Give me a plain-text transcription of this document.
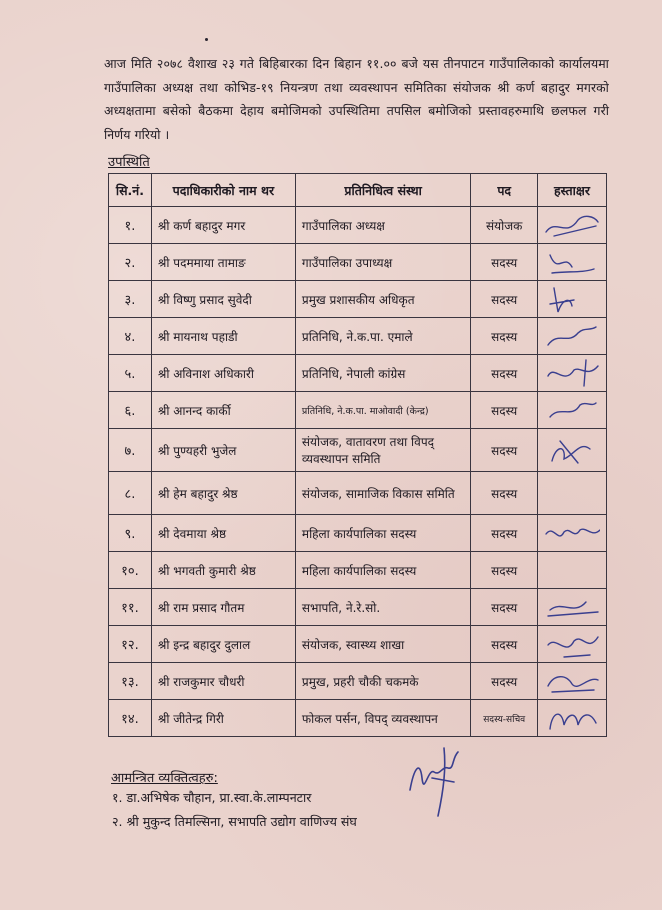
आज मिति २०७८ वैशाख २३ गते बिहिबारका दिन बिहान ११.०० बजे यस तीनपाटन गाउँपालिकाको कार्यालयमा गाउँपालिका अध्यक्ष तथा कोभिड-१९ नियन्त्रण तथा व्यवस्थापन समितिका संयोजक श्री कर्ण बहादुर मगरको अध्यक्षतामा बसेको बैठकमा देहाय बमोजिमको उपस्थितिमा तपसिल बमोजिको प्रस्तावहरुमाथि छलफल गरी निर्णय गरियो ।

उपस्थिति
सि.नं.	पदाधिकारीको नाम थर	प्रतिनिधित्व संस्था	पद	हस्ताक्षर
१.	श्री कर्ण बहादुर मगर	गाउँपालिका अध्यक्ष	संयोजक	

२.	श्री पदममाया तामाङ	गाउँपालिका उपाध्यक्ष	सदस्य	

३.	श्री विष्णु प्रसाद सुवेदी	प्रमुख प्रशासकीय अधिकृत	सदस्य	

४.	श्री मायनाथ पहाडी	प्रतिनिधि, ने.क.पा. एमाले	सदस्य	

५.	श्री अविनाश अधिकारी	प्रतिनिधि, नेपाली कांग्रेस	सदस्य	

६.	श्री आनन्द कार्की	प्रतिनिधि, ने.क.पा. माओवादी (केन्द्र)	सदस्य	

७.	श्री पुण्यहरी भुजेल	संयोजक, वातावरण तथा विपद् व्यवस्थापन समिति	सदस्य	

८.	श्री हेम बहादुर श्रेष्ठ	संयोजक, सामाजिक विकास समिति	सदस्य	
९.	श्री देवमाया श्रेष्ठ	महिला कार्यपालिका सदस्य	सदस्य	

१०.	श्री भगवती कुमारी श्रेष्ठ	महिला कार्यपालिका सदस्य	सदस्य	
११.	श्री राम प्रसाद गौतम	सभापति, ने.रे.सो.	सदस्य	

१२.	श्री इन्द्र बहादुर दुलाल	संयोजक, स्वास्थ्य शाखा	सदस्य	

१३.	श्री राजकुमार चौधरी	प्रमुख, प्रहरी चौकी चकमके	सदस्य	

१४.	श्री जीतेन्द्र गिरी	फोकल पर्सन, विपद् व्यवस्थापन	सदस्य-सचिव	
आमन्त्रित व्यक्तित्वहरु:
१. डा.अभिषेक चौहान, प्रा.स्वा.के.लाम्पनटार
२. श्री मुकुन्द तिमल्सिना, सभापति उद्योग वाणिज्य संघ
